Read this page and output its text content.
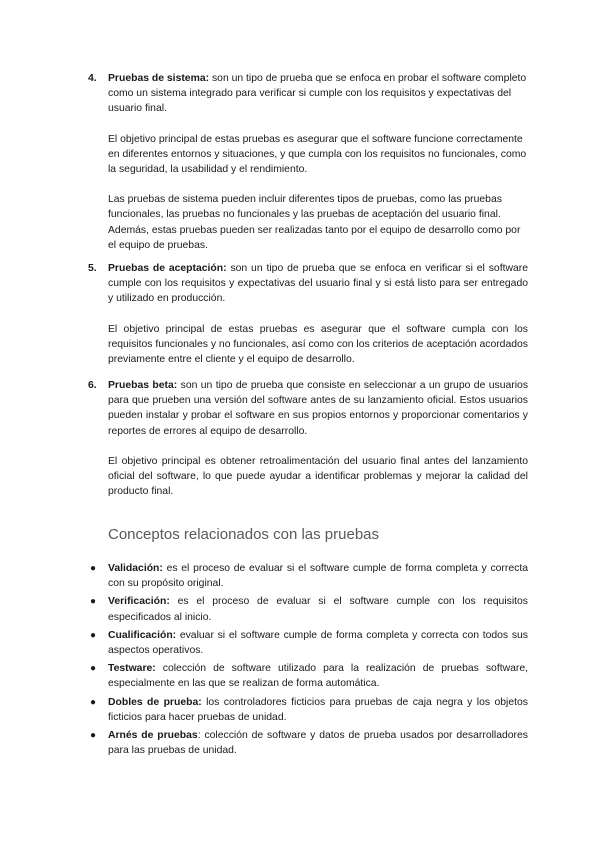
4. Pruebas de sistema: son un tipo de prueba que se enfoca en probar el software completo como un sistema integrado para verificar si cumple con los requisitos y expectativas del usuario final.

El objetivo principal de estas pruebas es asegurar que el software funcione correctamente en diferentes entornos y situaciones, y que cumpla con los requisitos no funcionales, como la seguridad, la usabilidad y el rendimiento.

Las pruebas de sistema pueden incluir diferentes tipos de pruebas, como las pruebas funcionales, las pruebas no funcionales y las pruebas de aceptación del usuario final. Además, estas pruebas pueden ser realizadas tanto por el equipo de desarrollo como por el equipo de pruebas.

5. Pruebas de aceptación: son un tipo de prueba que se enfoca en verificar si el software cumple con los requisitos y expectativas del usuario final y si está listo para ser entregado y utilizado en producción.

El objetivo principal de estas pruebas es asegurar que el software cumpla con los requisitos funcionales y no funcionales, así como con los criterios de aceptación acordados previamente entre el cliente y el equipo de desarrollo.

6. Pruebas beta: son un tipo de prueba que consiste en seleccionar a un grupo de usuarios para que prueben una versión del software antes de su lanzamiento oficial. Estos usuarios pueden instalar y probar el software en sus propios entornos y proporcionar comentarios y reportes de errores al equipo de desarrollo.

El objetivo principal es obtener retroalimentación del usuario final antes del lanzamiento oficial del software, lo que puede ayudar a identificar problemas y mejorar la calidad del producto final.

Conceptos relacionados con las pruebas
● Validación: es el proceso de evaluar si el software cumple de forma completa y correcta con su propósito original.
● Verificación: es el proceso de evaluar si el software cumple con los requisitos especificados al inicio.
● Cualificación: evaluar si el software cumple de forma completa y correcta con todos sus aspectos operativos.
● Testware: colección de software utilizado para la realización de pruebas software, especialmente en las que se realizan de forma automática.
● Dobles de prueba: los controladores ficticios para pruebas de caja negra y los objetos ficticios para hacer pruebas de unidad.
● Arnés de pruebas: colección de software y datos de prueba usados por desarrolladores para las pruebas de unidad.
